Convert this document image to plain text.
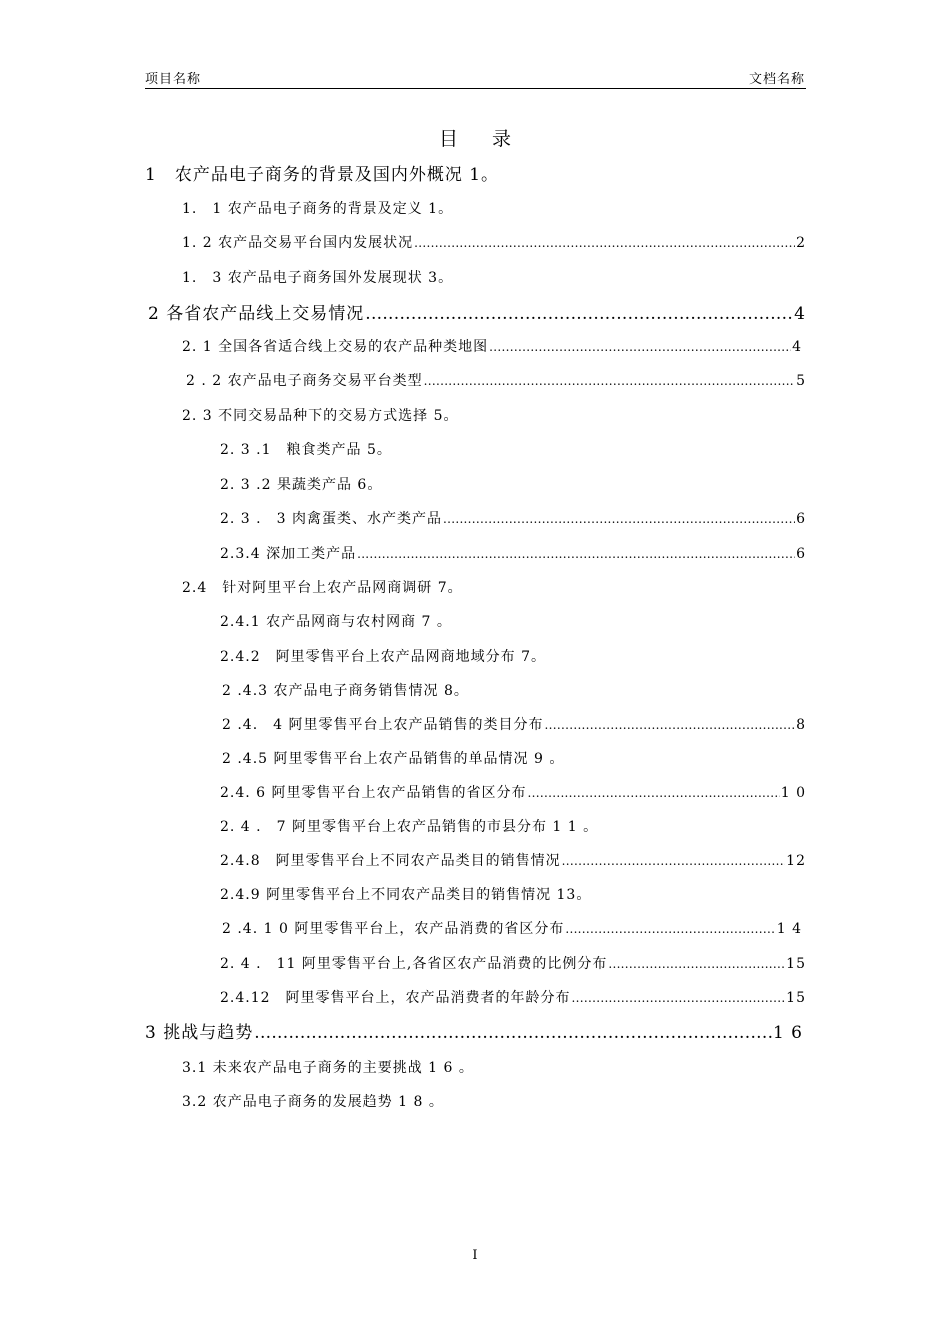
项目名称	文档名称
目 录
1　农产品电子商务的背景及国内外概况 1。
1.　1 农产品电子商务的背景及定义 1。
1. 2 农产品交易平台国内发展状况 .....	2
1.　3 农产品电子商务国外发展现状 3。
2 各省农产品线上交易情况 .....	4
2. 1 全国各省适合线上交易的农产品种类地图 .....	4
2 . 2 农产品电子商务交易平台类型 .....	5
2. 3 不同交易品种下的交易方式选择 5。
2. 3 .1　粮食类产品 5。
2. 3 .2 果蔬类产品 6。
2. 3 .　3 肉禽蛋类、水产类产品 .....	6
2.3.4 深加工类产品 .....	6
2.4　针对阿里平台上农产品网商调研 7。
2.4.1 农产品网商与农村网商 7 。
2.4.2　阿里零售平台上农产品网商地域分布 7。
2 .4.3 农产品电子商务销售情况 8。
2 .4.　4 阿里零售平台上农产品销售的类目分布 .....	8
2 .4.5 阿里零售平台上农产品销售的单品情况 9 。
2.4. 6 阿里零售平台上农产品销售的省区分布 .....	1 0
2. 4 .　7 阿里零售平台上农产品销售的市县分布 1 1 。
2.4.8　阿里零售平台上不同农产品类目的销售情况 .....	12
2.4.9 阿里零售平台上不同农产品类目的销售情况 13。
2 .4. 1 0 阿里零售平台上，农产品消费的省区分布 .....	1 4
2. 4 .　11 阿里零售平台上,各省区农产品消费的比例分布 .....	15
2.4.12　阿里零售平台上，农产品消费者的年龄分布 .....	15
3 挑战与趋势 .....	1 6
3.1 未来农产品电子商务的主要挑战 1 6 。
3.2 农产品电子商务的发展趋势 1 8 。
I
